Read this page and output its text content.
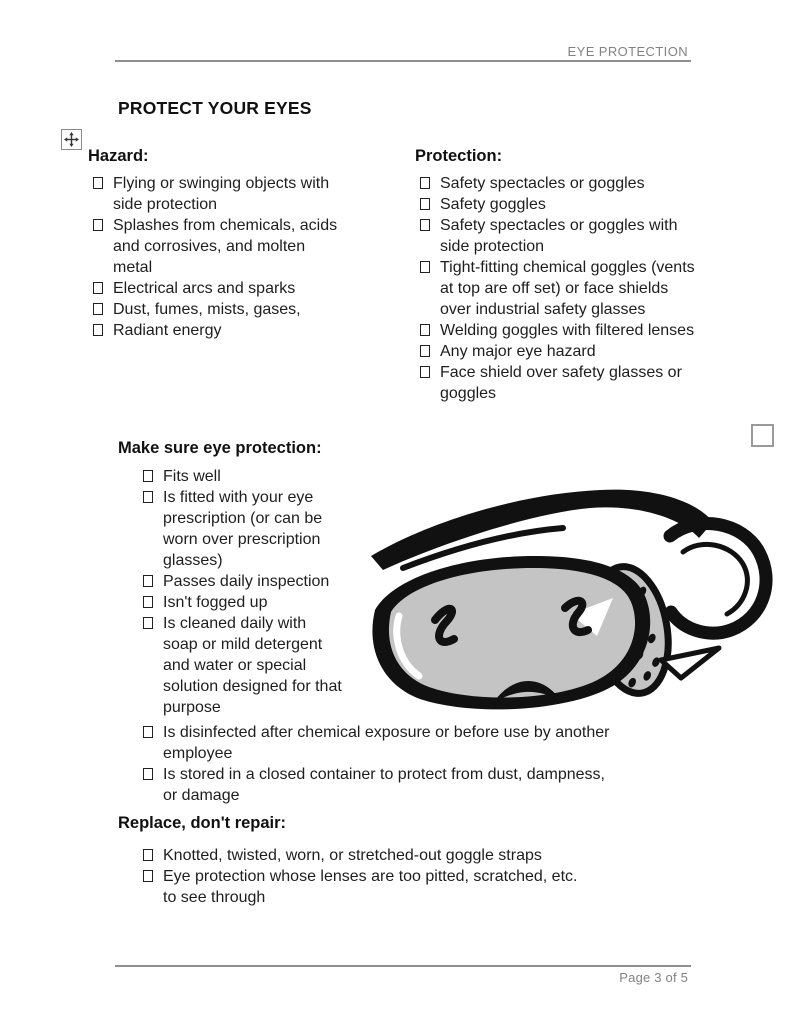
EYE PROTECTION
PROTECT YOUR EYES
Hazard:
Flying or swinging objects with side protection
Splashes from chemicals, acids and corrosives, and molten metal
Electrical arcs and sparks
Dust, fumes, mists, gases,
Radiant energy
Protection:
Safety spectacles or goggles
Safety goggles
Safety spectacles or goggles with side protection
Tight-fitting chemical goggles (vents at top are off set) or face shields over industrial safety glasses
Welding goggles with filtered lenses
Any major eye hazard
Face shield over safety glasses or goggles
Make sure eye protection:
Fits well
Is fitted with your eye prescription (or can be worn over prescription glasses)
Passes daily inspection
Isn't fogged up
Is cleaned daily with soap or mild detergent and water or special solution designed for that purpose
Is disinfected after chemical exposure or before use by another employee
Is stored in a closed container to protect from dust, dampness, or damage
Replace, don't repair:
Knotted, twisted, worn, or stretched-out goggle straps
Eye protection whose lenses are too pitted, scratched, etc. to see through
Page 3 of 5
